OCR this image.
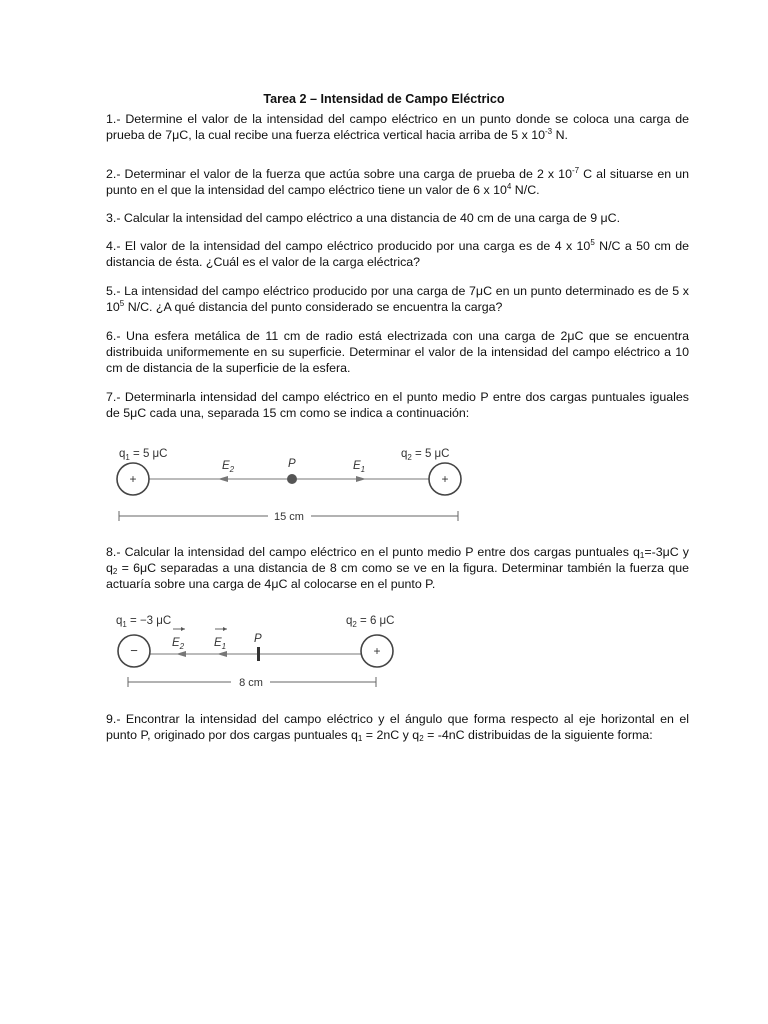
Tarea 2 – Intensidad de Campo Eléctrico

1.- Determine el valor de la intensidad del campo eléctrico en un punto donde se coloca una carga de prueba de 7μC, la cual recibe una fuerza eléctrica vertical hacia arriba de 5 x $10^{-3}$ N.

2.- Determinar el valor de la fuerza que actúa sobre una carga de prueba de 2 x $10^{-7}$ C al situarse en un punto en el que la intensidad del campo eléctrico tiene un valor de 6 x $10^4$ N/C.

3.- Calcular la intensidad del campo eléctrico a una distancia de 40 cm de una carga de 9 μC.

4.- El valor de la intensidad del campo eléctrico producido por una carga es de 4 x $10^5$ N/C a 50 cm de distancia de ésta. ¿Cuál es el valor de la carga eléctrica?

5.- La intensidad del campo eléctrico producido por una carga de 7μC en un punto determinado es de 5 x $10^5$ N/C. ¿A qué distancia del punto considerado se encuentra la carga?

6.- Una esfera metálica de 11 cm de radio está electrizada con una carga de 2μC que se encuentra distribuida uniformemente en su superficie. Determinar el valor de la intensidad del campo eléctrico a 10 cm de distancia de la superficie de la esfera.

7.- Determinarla intensidad del campo eléctrico en el punto medio P entre dos cargas puntuales iguales de 5μC cada una, separada 15 cm como se indica a continuación:

$q_1 = 5$ μC	$q_2 = 5$ μC
$E_2$	$E_1$
P
+	+
15 cm

8.- Calcular la intensidad del campo eléctrico en el punto medio P entre dos cargas puntuales $q_1=-3\mu C$ y $q_2 = 6\mu C$ separadas a una distancia de 8 cm como se ve en la figura. Determinar también la fuerza que actuaría sobre una carga de 4μC al colocarse en el punto P.

$q_1 = -3$ μC	$q_2 = 6$ μC
$E_2$	$E_1$
P
−	+
8 cm

9.- Encontrar la intensidad del campo eléctrico y el ángulo que forma respecto al eje horizontal en el punto P, originado por dos cargas puntuales $q_1 = 2nC$ y $q_2 = -4nC$ distribuidas de la siguiente forma:
